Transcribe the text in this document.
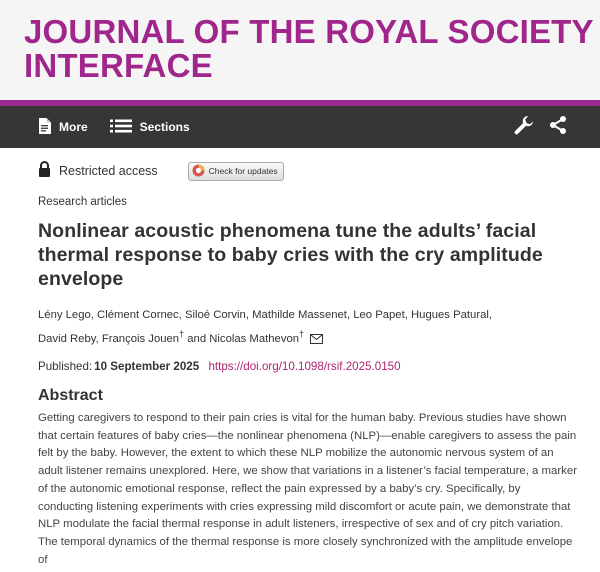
JOURNAL OF THE ROYAL SOCIETY INTERFACE
More	Sections
Restricted access	Check for updates
Research articles
Nonlinear acoustic phenomena tune the adults’ facial thermal response to baby cries with the cry amplitude envelope
Lény Lego, Clément Cornec, Siloé Corvin, Mathilde Massenet, Leo Papet, Hugues Patural,
David Reby, François Jouen† and Nicolas Mathevon†
Published: 10 September 2025 https://doi.org/10.1098/rsif.2025.0150
Abstract

Getting caregivers to respond to their pain cries is vital for the human baby. Previous studies have shown that certain features of baby cries—the nonlinear phenomena (NLP)—enable caregivers to assess the pain felt by the baby. However, the extent to which these NLP mobilize the autonomic nervous system of an adult listener remains unexplored. Here, we show that variations in a listener’s facial temperature, a marker of the autonomic emotional response, reflect the pain expressed by a baby’s cry. Specifically, by conducting listening experiments with cries expressing mild discomfort or acute pain, we demonstrate that NLP modulate the facial thermal response in adult listeners, irrespective of sex and of cry pitch variation. The temporal dynamics of the thermal response is more closely synchronized with the amplitude envelope of
